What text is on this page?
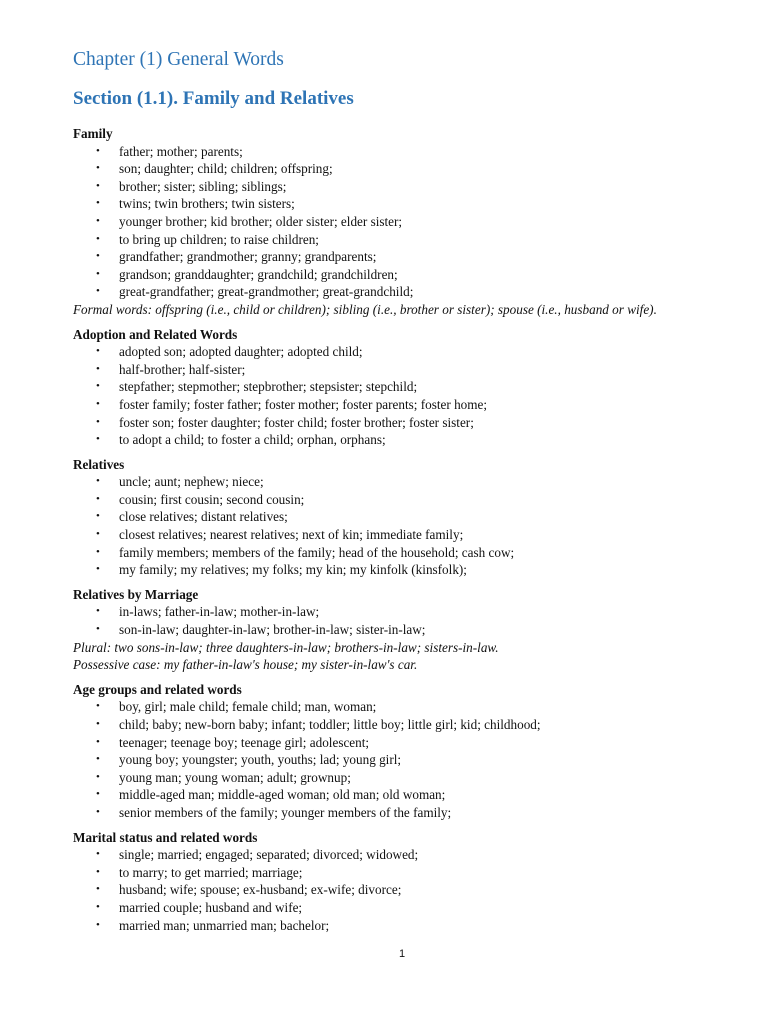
Chapter (1) General Words
Section (1.1). Family and Relatives
Family
• father; mother; parents;
• son; daughter; child; children; offspring;
• brother; sister; sibling; siblings;
• twins; twin brothers; twin sisters;
• younger brother; kid brother; older sister; elder sister;
• to bring up children; to raise children;
• grandfather; grandmother; granny; grandparents;
• grandson; granddaughter; grandchild; grandchildren;
• great-grandfather; great-grandmother; great-grandchild;
Formal words: offspring (i.e., child or children); sibling (i.e., brother or sister); spouse (i.e., husband or wife).
Adoption and Related Words
• adopted son; adopted daughter; adopted child;
• half-brother; half-sister;
• stepfather; stepmother; stepbrother; stepsister; stepchild;
• foster family; foster father; foster mother; foster parents; foster home;
• foster son; foster daughter; foster child; foster brother; foster sister;
• to adopt a child; to foster a child; orphan, orphans;
Relatives
• uncle; aunt; nephew; niece;
• cousin; first cousin; second cousin;
• close relatives; distant relatives;
• closest relatives; nearest relatives; next of kin; immediate family;
• family members; members of the family; head of the household; cash cow;
• my family; my relatives; my folks; my kin; my kinfolk (kinsfolk);
Relatives by Marriage
• in-laws; father-in-law; mother-in-law;
• son-in-law; daughter-in-law; brother-in-law; sister-in-law;
Plural: two sons-in-law; three daughters-in-law; brothers-in-law; sisters-in-law.
Possessive case: my father-in-law's house; my sister-in-law's car.
Age groups and related words
• boy, girl; male child; female child; man, woman;
• child; baby; new-born baby; infant; toddler; little boy; little girl; kid; childhood;
• teenager; teenage boy; teenage girl; adolescent;
• young boy; youngster; youth, youths; lad; young girl;
• young man; young woman; adult; grownup;
• middle-aged man; middle-aged woman; old man; old woman;
• senior members of the family; younger members of the family;
Marital status and related words
• single; married; engaged; separated; divorced; widowed;
• to marry; to get married; marriage;
• husband; wife; spouse; ex-husband; ex-wife; divorce;
• married couple; husband and wife;
• married man; unmarried man; bachelor;
1
